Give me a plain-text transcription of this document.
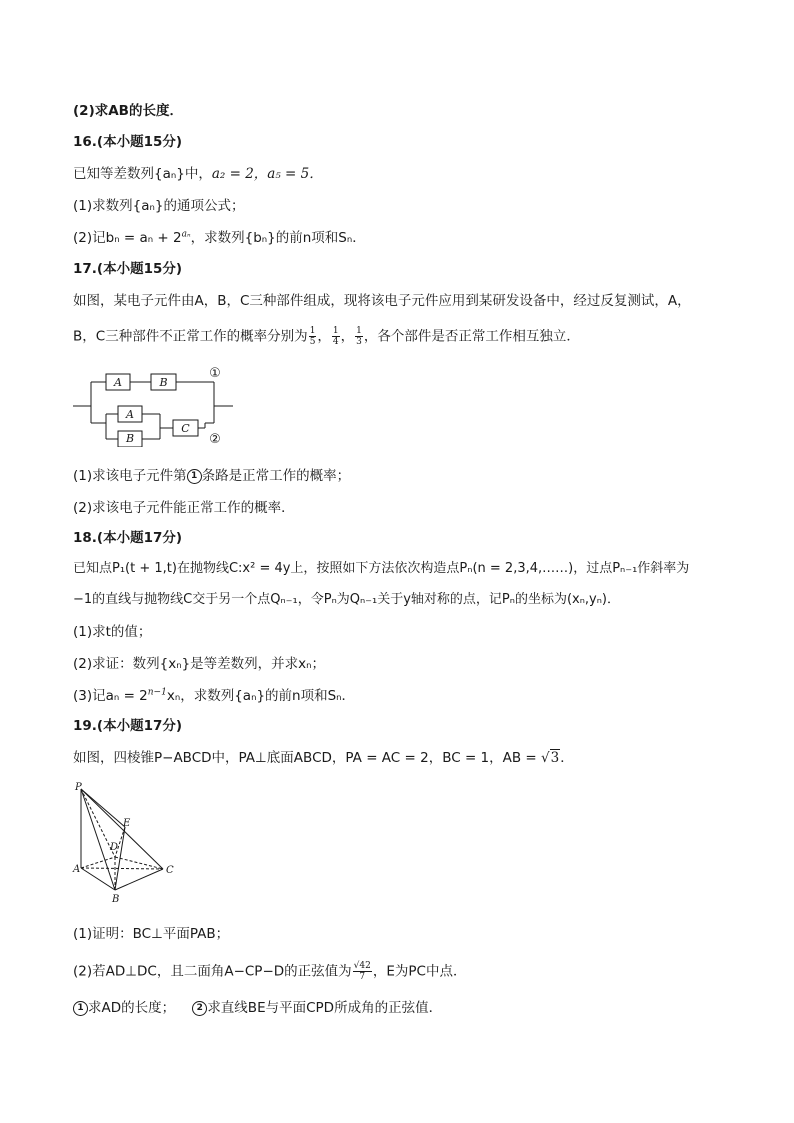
(2)求AB的长度．
16.(本小题15分)
已知等差数列{aₙ}中，a₂ = 2，a₅ = 5．
(1)求数列{aₙ}的通项公式；
(2)记$b_n = a_n + 2^{a_n}$，求数列{bₙ}的前n项和Sₙ．
17.(本小题15分)
如图，某电子元件由A，B，C三种部件组成，现将该电子元件应用到某研发设备中，经过反复测试，A，
B，C三种部件不正常工作的概率分别为 $\frac{1}{5}$ ， $\frac{1}{4}$ ， $\frac{1}{3}$ ，各个部件是否正常工作相互独立．
A	B
A
B
C
①
②
(1)求该电子元件第 1 条路是正常工作的概率；
(2)求该电子元件能正常工作的概率．
18.(本小题17分)
已知点P₁(t + 1,t)在抛物线C:x² = 4y上，按照如下方法依次构造点Pₙ(n = 2,3,4,……)，过点Pₙ₋₁作斜率为
−1的直线与抛物线C交于另一个点Qₙ₋₁，令Pₙ为Qₙ₋₁关于y轴对称的点，记Pₙ的坐标为(xₙ,yₙ)．
(1)求t的值；
(2)求证：数列{xₙ}是等差数列，并求xₙ；
(3)记$a_n = 2^{n-1}x_n$，求数列{aₙ}的前n项和Sₙ．
19.(本小题17分)
如图，四棱锥P−ABCD中，PA⊥底面ABCD，PA = AC = 2，BC = 1，AB = √3．
P
A
B
C
D
E
(1)证明：BC⊥平面PAB；
(2)若AD⊥DC，且二面角A−CP−D的正弦值为 $\frac{√42}{7}$ ，E为PC中点．
1 求AD的长度； 2 求直线BE与平面CPD所成角的正弦值．
